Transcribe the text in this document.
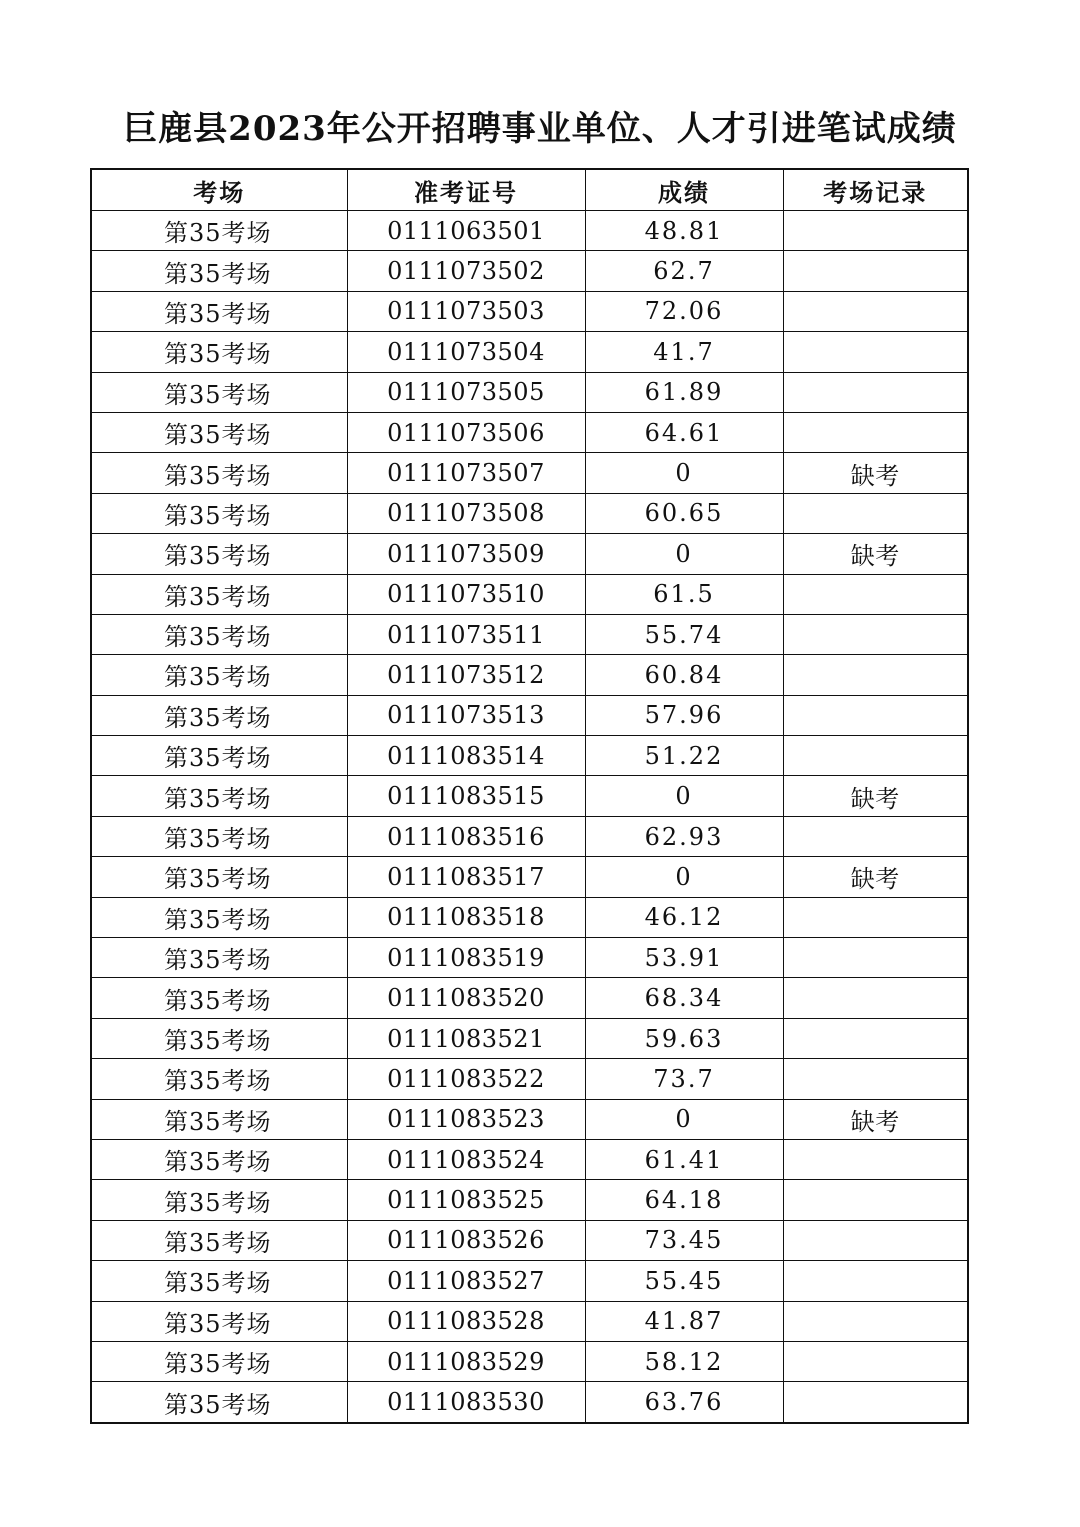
巨鹿县2023年公开招聘事业单位、人才引进笔试成绩
考场	准考证号	成绩	考场记录
第35考场	0111063501	48.81	
第35考场	0111073502	62.7	
第35考场	0111073503	72.06	
第35考场	0111073504	41.7	
第35考场	0111073505	61.89	
第35考场	0111073506	64.61	
第35考场	0111073507	0	缺考
第35考场	0111073508	60.65	
第35考场	0111073509	0	缺考
第35考场	0111073510	61.5	
第35考场	0111073511	55.74	
第35考场	0111073512	60.84	
第35考场	0111073513	57.96	
第35考场	0111083514	51.22	
第35考场	0111083515	0	缺考
第35考场	0111083516	62.93	
第35考场	0111083517	0	缺考
第35考场	0111083518	46.12	
第35考场	0111083519	53.91	
第35考场	0111083520	68.34	
第35考场	0111083521	59.63	
第35考场	0111083522	73.7	
第35考场	0111083523	0	缺考
第35考场	0111083524	61.41	
第35考场	0111083525	64.18	
第35考场	0111083526	73.45	
第35考场	0111083527	55.45	
第35考场	0111083528	41.87	
第35考场	0111083529	58.12	
第35考场	0111083530	63.76	
